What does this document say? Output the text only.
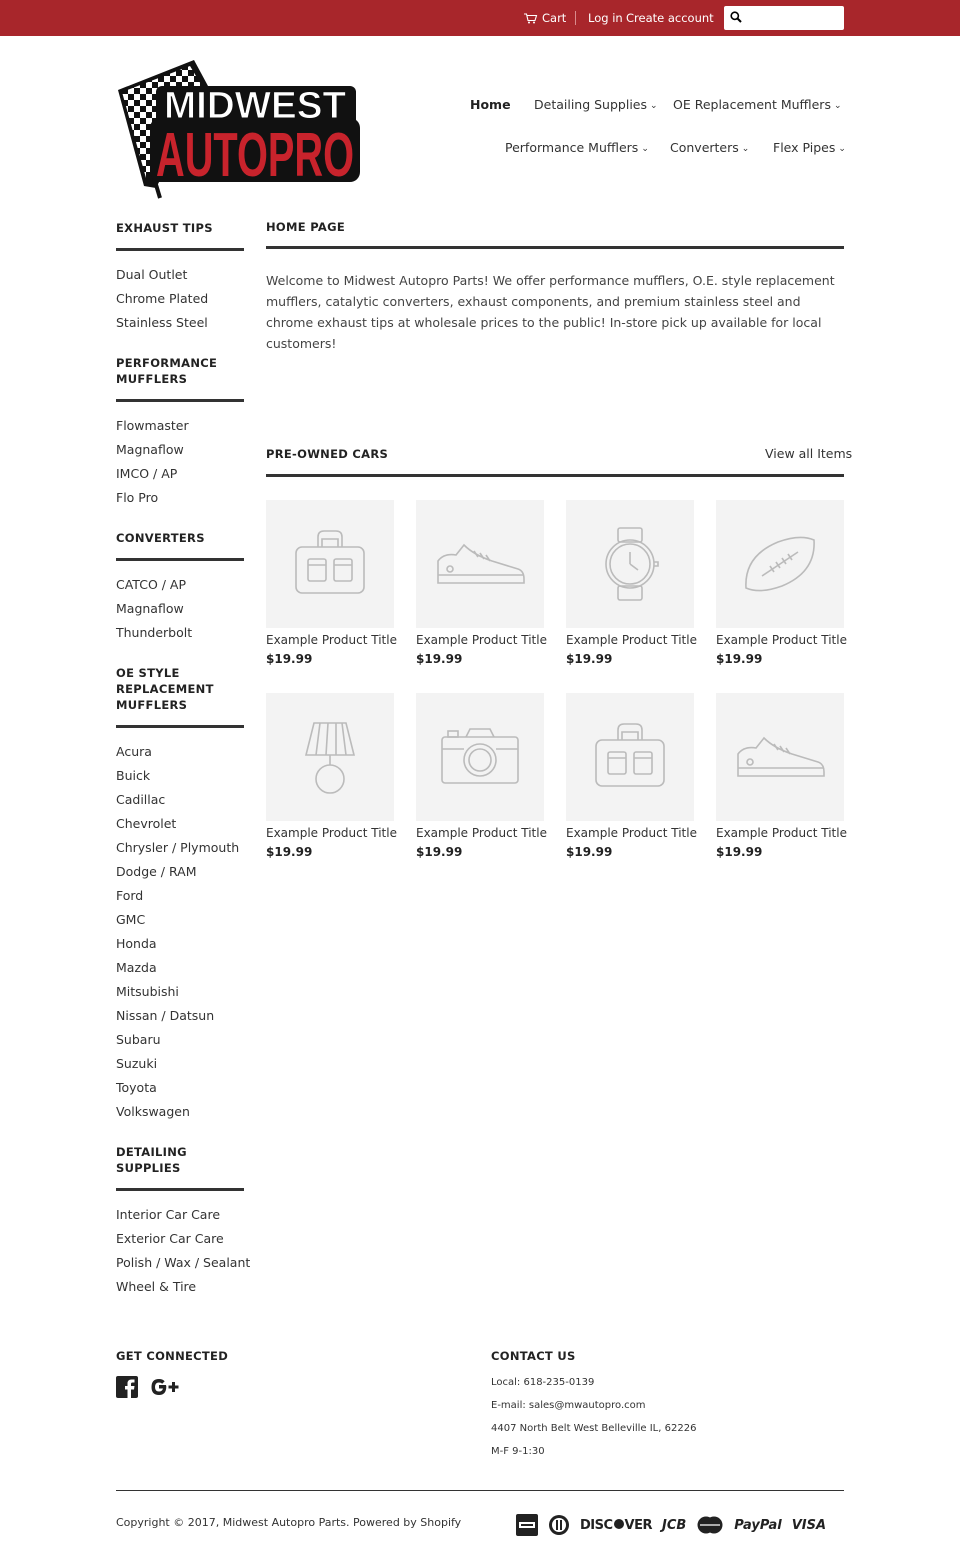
Cart Log in Create account
MIDWEST
AUTOPRO
Home Detailing Supplies ⌄ OE Replacement Mufflers ⌄
Performance Mufflers ⌄ Converters ⌄ Flex Pipes ⌄
EXHAUST TIPS
Dual Outlet
Chrome Plated
Stainless Steel
PERFORMANCE MUFFLERS
Flowmaster
Magnaflow
IMCO / AP
Flo Pro
CONVERTERS
CATCO / AP
Magnaflow
Thunderbolt
OE STYLE REPLACEMENT MUFFLERS
Acura
Buick
Cadillac
Chevrolet
Chrysler / Plymouth
Dodge / RAM
Ford
GMC
Honda
Mazda
Mitsubishi
Nissan / Datsun
Subaru
Suzuki
Toyota
Volkswagen
DETAILING SUPPLIES
Interior Car Care
Exterior Car Care
Polish / Wax / Sealant
Wheel & Tire
HOME PAGE

Welcome to Midwest Autopro Parts! We offer performance mufflers, O.E. style replacement mufflers, catalytic converters, exhaust components, and premium stainless steel and chrome exhaust tips at wholesale prices to the public! In-store pick up available for local customers!

PRE-OWNED CARS	View all Items
Example Product Title
$19.99
Example Product Title
$19.99
Example Product Title
$19.99
Example Product Title
$19.99
Example Product Title
$19.99
Example Product Title
$19.99
Example Product Title
$19.99
Example Product Title
$19.99
GET CONNECTED	CONTACT US
Local: 618-235-0139
E-mail: sales@mwautopro.com
4407 North Belt West Belleville IL, 62226
M-F 9-1:30
Copyright © 2017, Midwest Autopro Parts. Powered by Shopify	DISC VER JCB	PayPal VISA
